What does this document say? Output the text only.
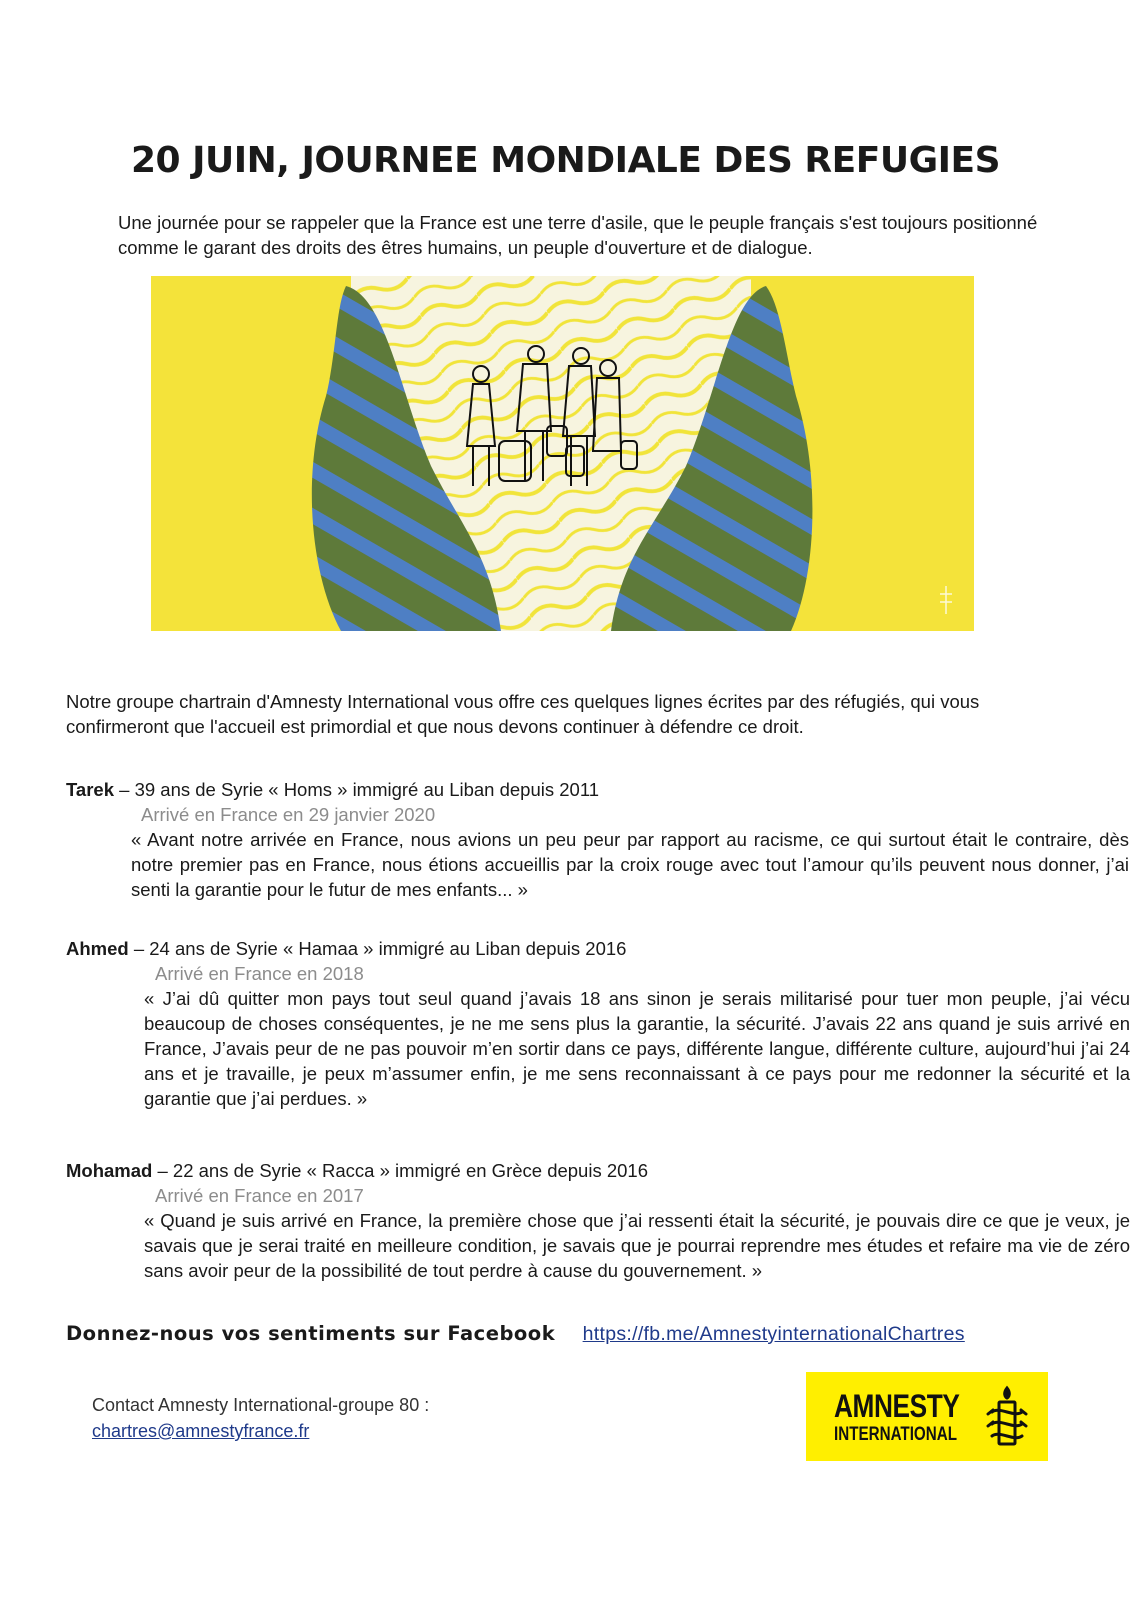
20 JUIN, JOURNEE MONDIALE DES REFUGIES

Une journée pour se rappeler que la France est une terre d'asile, que le peuple français s'est toujours positionné comme le garant des droits des êtres humains, un peuple d'ouverture et de dialogue.

Notre groupe chartrain d'Amnesty International vous offre ces quelques lignes écrites par des réfugiés, qui vous confirmeront que l'accueil est primordial et que nous devons continuer à défendre ce droit.

Tarek – 39 ans de Syrie « Homs » immigré au Liban depuis 2011

Arrivé en France en 29 janvier 2020

« Avant notre arrivée en France, nous avions un peu peur par rapport au racisme, ce qui surtout était le contraire, dès notre premier pas en France, nous étions accueillis par la croix rouge avec tout l’amour qu’ils peuvent nous donner, j’ai senti la garantie pour le futur de mes enfants... »

Ahmed – 24 ans de Syrie « Hamaa » immigré au Liban depuis 2016

Arrivé en France en 2018

« J’ai dû quitter mon pays tout seul quand j’avais 18 ans sinon je serais militarisé pour tuer mon peuple, j’ai vécu beaucoup de choses conséquentes, je ne me sens plus la garantie, la sécurité. J’avais 22 ans quand je suis arrivé en France, J’avais peur de ne pas pouvoir m’en sortir dans ce pays, différente langue, différente culture, aujourd’hui j’ai 24 ans et je travaille, je peux m’assumer enfin, je me sens reconnaissant à ce pays pour me redonner la sécurité et la garantie que j’ai perdues. »

Mohamad – 22 ans de Syrie « Racca » immigré en Grèce depuis 2016

Arrivé en France en 2017

« Quand je suis arrivé en France, la première chose que j’ai ressenti était la sécurité, je pouvais dire ce que je veux, je savais que je serai traité en meilleure condition, je savais que je pourrai reprendre mes études et refaire ma vie de zéro sans avoir peur de la possibilité de tout perdre à cause du gouvernement. »

Donnez-nous vos sentiments sur Facebook https://fb.me/AmnestyinternationalChartres
Contact Amnesty International-groupe 80 :
chartres@amnestyfrance.fr
AMNESTY
INTERNATIONAL
